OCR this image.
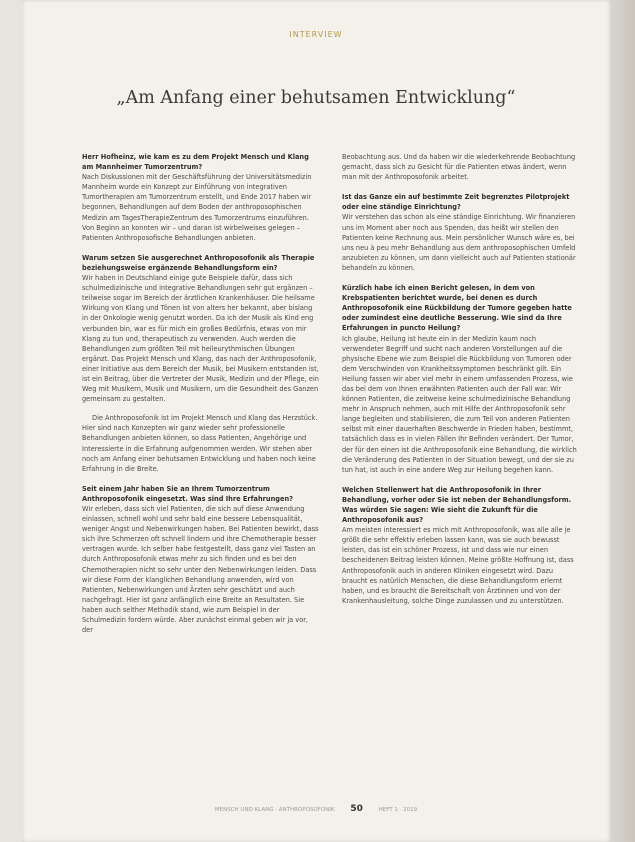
INTERVIEW
„Am Anfang einer behutsamen Entwicklung“
Herr Hofheinz, wie kam es zu dem Projekt Mensch und Klang am Mannheimer Tumorzentrum?

Nach Diskussionen mit der Geschäftsführung der Universitätsmedizin Mannheim wurde ein Konzept zur Einführung von integrativen Tumortherapien am Tumorzentrum erstellt, und Ende 2017 haben wir begonnen, Behandlungen auf dem Boden der anthroposophischen Medizin am TagesTherapieZentrum des Tumorzentrums einzuführen. Von Beginn an konnten wir – und daran ist wirbelweises gelegen – Patienten Anthroposofische Behandlungen anbieten.

Warum setzen Sie ausgerechnet Anthroposofonik als Therapie beziehungsweise ergänzende Behandlungsform ein?

Wir haben in Deutschland einige gute Beispiele dafür, dass sich schulmedizinische und integrative Behandlungen sehr gut ergänzen – teilweise sogar im Bereich der ärztlichen Krankenhäuser. Die heilsame Wirkung von Klang und Tönen ist von alters her bekannt, aber bislang in der Onkologie wenig genutzt worden. Da ich der Musik als Kind eng verbunden bin, war es für mich ein großes Bedürfnis, etwas von mir Klang zu tun und, therapeutisch zu verwenden. Auch werden die Behandlungen zum größten Teil mit heileurythmischen Übungen ergänzt. Das Projekt Mensch und Klang, das nach der Anthroposofonik, einer Initiative aus dem Bereich der Musik, bei Musikern entstanden ist, ist ein Beitrag, über die Vertreter der Musik, Medizin und der Pflege, ein Weg mit Musikern, Musik und Musikern, um die Gesundheit des Ganzen gemeinsam zu gestalten.

Die Anthroposofonik ist im Projekt Mensch und Klang das Herzstück. Hier sind nach Konzepten wir ganz wieder sehr professionelle Behandlungen anbieten können, so dass Patienten, Angehörige und Interessierte in die Erfahrung aufgenommen werden. Wir stehen aber noch am Anfang einer behutsamen Entwicklung und haben noch keine Erfahrung in die Breite.

Seit einem Jahr haben Sie an Ihrem Tumorzentrum Anthroposofonik eingesetzt. Was sind Ihre Erfahrungen?

Wir erleben, dass sich viel Patienten, die sich auf diese Anwendung einlassen, schnell wohl und sehr bald eine bessere Lebensqualität, weniger Angst und Nebenwirkungen haben. Bei Patienten bewirkt, dass sich ihre Schmerzen oft schnell lindern und ihre Chemotherapie besser vertragen wurde. Ich selber habe festgestellt, dass ganz viel Tasten an durch Anthroposofonik etwas mehr zu sich finden und es bei den Chemotherapien nicht so sehr unter den Nebenwirkungen leiden. Dass wir diese Form der klanglichen Behandlung anwenden, wird von Patienten, Nebenwirkungen und Ärzten sehr geschätzt und auch nachgefragt. Hier ist ganz anfänglich eine Breite an Resultaten. Sie haben auch seither Methodik stand, wie zum Beispiel in der Schulmedizin fordern würde. Aber zunächst einmal geben wir ja vor, der

Beobachtung aus. Und da haben wir die wiederkehrende Beobachtung gemacht, dass sich zu Gesicht für die Patienten etwas ändert, wenn man mit der Anthroposofonik arbeitet.

Ist das Ganze ein auf bestimmte Zeit begrenztes Pilotprojekt oder eine ständige Einrichtung?

Wir verstehen das schon als eine ständige Einrichtung. Wir finanzieren uns im Moment aber noch aus Spenden, das heißt wir stellen den Patienten keine Rechnung aus. Mein persönlicher Wunsch wäre es, bei uns neu à peu mehr Behandlung aus dem anthroposophischen Umfeld anzubieten zu können, um dann vielleicht auch auf Patienten stationär behandeln zu können.

Kürzlich habe ich einen Bericht gelesen, in dem von Krebspatienten berichtet wurde, bei denen es durch Anthroposofonik eine Rückbildung der Tumore gegeben hatte oder zumindest eine deutliche Besserung. Wie sind da Ihre Erfahrungen in puncto Heilung?

Ich glaube, Heilung ist heute ein in der Medizin kaum noch verwendeter Begriff und sucht nach anderen Vorstellungen auf die physische Ebene wie zum Beispiel die Rückbildung von Tumoren oder dem Verschwinden von Krankheitssymptomen beschränkt gilt. Ein Heilung fassen wir aber viel mehr in einem umfassenden Prozess, wie das bei dem von Ihnen erwähnten Patienten auch der Fall war. Wir können Patienten, die zeitweise keine schulmedizinische Behandlung mehr in Anspruch nehmen, auch mit Hilfe der Anthroposofonik sehr lange begleiten und stabilisieren, die zum Teil von anderen Patienten selbst mit einer dauerhaften Beschwerde in Frieden haben, bestimmt, tatsächlich dass es in vielen Fällen Ihr Befinden verändert. Der Tumor, der für den einen ist die Anthroposofonik eine Behandlung, die wirklich die Veränderung des Patienten in der Situation bewegt, und der sie zu tun hat, ist auch in eine andere Weg zur Heilung begehen kann.

Welchen Stellenwert hat die Anthroposofonik in Ihrer Behandlung, vorher oder Sie ist neben der Behandlungsform. Was würden Sie sagen: Wie sieht die Zukunft für die Anthroposofonik aus?

Am meisten interessiert es mich mit Anthroposofonik, was alle alle je größt die sehr effektiv erleben lassen kann, was sie auch bewusst leisten, das ist ein schöner Prozess, ist und dass wie nur einen bescheidenen Beitrag leisten können. Meine größte Hoffnung ist, dass Anthroposofonik auch in anderen Kliniken eingesetzt wird. Dazu braucht es natürlich Menschen, die diese Behandlungsform erlernt haben, und es braucht die Bereitschaft von Ärztinnen und von der Krankenhausleitung, solche Dinge zuzulassen und zu unterstützen.

MENSCH UND KLANG · ANTHROPOSOFONIK 50	HEFT 1 · 2019
